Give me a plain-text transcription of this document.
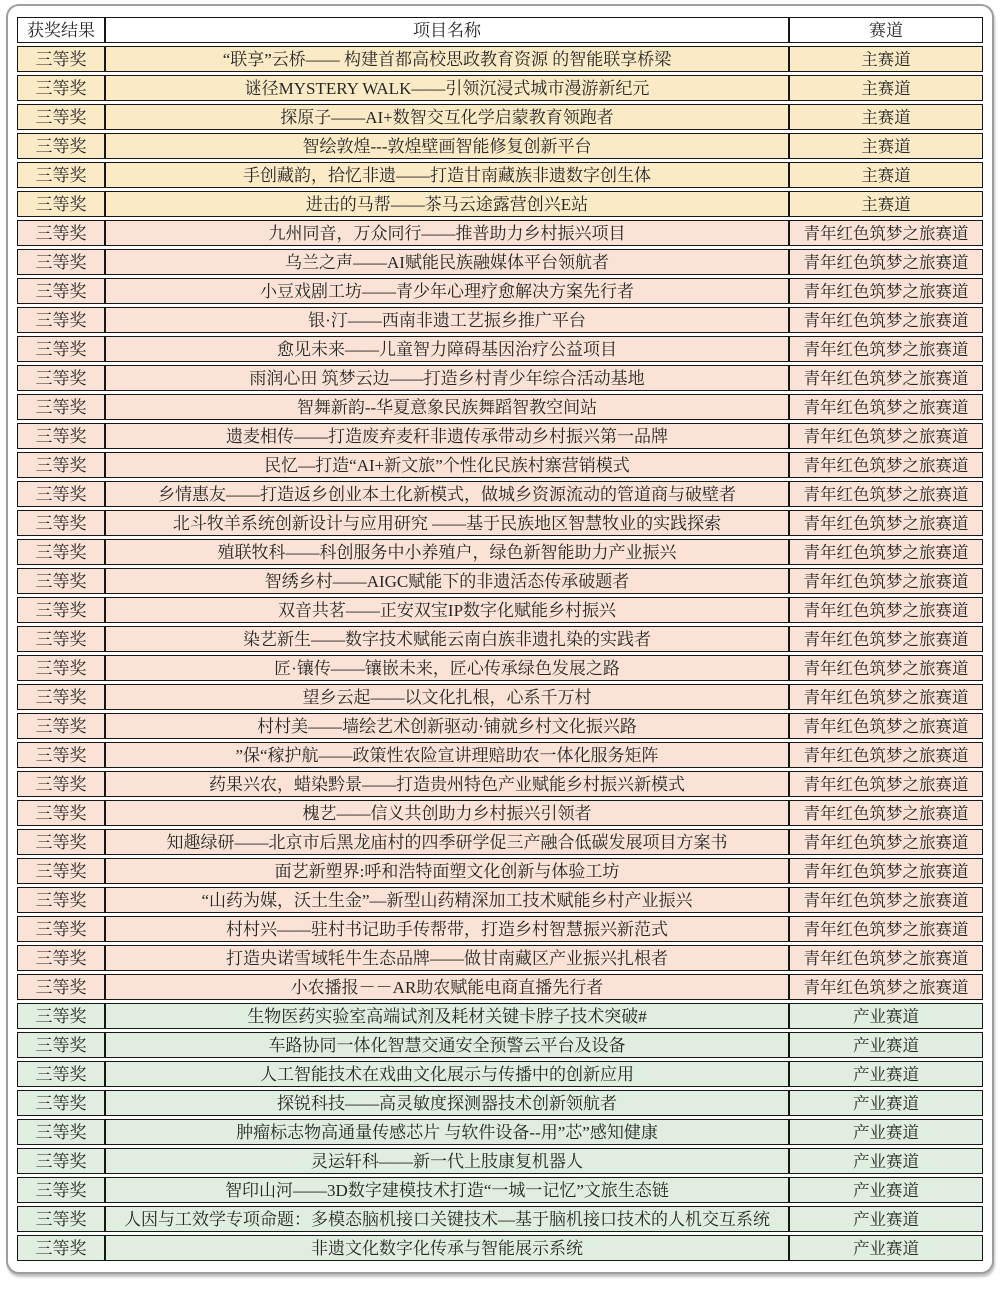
获奖结果	项目名称	赛道
三等奖	“联享”云桥—— 构建首都高校思政教育资源 的智能联享桥梁	主赛道
三等奖	谜径MYSTERY WALK——引领沉浸式城市漫游新纪元	主赛道
三等奖	探原子——AI+数智交互化学启蒙教育领跑者	主赛道
三等奖	智绘敦煌---敦煌壁画智能修复创新平台	主赛道
三等奖	手创藏韵，拾忆非遗——打造甘南藏族非遗数字创生体	主赛道
三等奖	进击的马帮——茶马云途露营创兴E站	主赛道
三等奖	九州同音，万众同行——推普助力乡村振兴项目	青年红色筑梦之旅赛道
三等奖	乌兰之声——AI赋能民族融媒体平台领航者	青年红色筑梦之旅赛道
三等奖	小豆戏剧工坊——青少年心理疗愈解决方案先行者	青年红色筑梦之旅赛道
三等奖	银·汀——西南非遗工艺振乡推广平台	青年红色筑梦之旅赛道
三等奖	愈见未来——儿童智力障碍基因治疗公益项目	青年红色筑梦之旅赛道
三等奖	雨润心田 筑梦云边——打造乡村青少年综合活动基地	青年红色筑梦之旅赛道
三等奖	智舞新韵--华夏意象民族舞蹈智教空间站	青年红色筑梦之旅赛道
三等奖	遗麦相传——打造废弃麦秆非遗传承带动乡村振兴第一品牌	青年红色筑梦之旅赛道
三等奖	民忆—打造“AI+新文旅”个性化民族村寨营销模式	青年红色筑梦之旅赛道
三等奖	乡情惠友——打造返乡创业本土化新模式，做城乡资源流动的管道商与破壁者	青年红色筑梦之旅赛道
三等奖	北斗牧羊系统创新设计与应用研究 ——基于民族地区智慧牧业的实践探索	青年红色筑梦之旅赛道
三等奖	殖联牧科——科创服务中小养殖户，绿色新智能助力产业振兴	青年红色筑梦之旅赛道
三等奖	智绣乡村——AIGC赋能下的非遗活态传承破题者	青年红色筑梦之旅赛道
三等奖	双音共茗——正安双宝IP数字化赋能乡村振兴	青年红色筑梦之旅赛道
三等奖	染艺新生——数字技术赋能云南白族非遗扎染的实践者	青年红色筑梦之旅赛道
三等奖	匠·镶传——镶嵌未来，匠心传承绿色发展之路	青年红色筑梦之旅赛道
三等奖	望乡云起——以文化扎根，心系千万村	青年红色筑梦之旅赛道
三等奖	村村美——墙绘艺术创新驱动·铺就乡村文化振兴路	青年红色筑梦之旅赛道
三等奖	”保“稼护航——政策性农险宣讲理赔助农一体化服务矩阵	青年红色筑梦之旅赛道
三等奖	药果兴农，蜡染黔景——打造贵州特色产业赋能乡村振兴新模式	青年红色筑梦之旅赛道
三等奖	槐艺——信义共创助力乡村振兴引领者	青年红色筑梦之旅赛道
三等奖	知趣绿研——北京市后黑龙庙村的四季研学促三产融合低碳发展项目方案书	青年红色筑梦之旅赛道
三等奖	面艺新塑界:呼和浩特面塑文化创新与体验工坊	青年红色筑梦之旅赛道
三等奖	“山药为媒，沃土生金”—新型山药精深加工技术赋能乡村产业振兴	青年红色筑梦之旅赛道
三等奖	村村兴——驻村书记助手传帮带，打造乡村智慧振兴新范式	青年红色筑梦之旅赛道
三等奖	打造央诺雪域牦牛生态品牌——做甘南藏区产业振兴扎根者	青年红色筑梦之旅赛道
三等奖	小农播报－－AR助农赋能电商直播先行者	青年红色筑梦之旅赛道
三等奖	生物医药实验室高端试剂及耗材关键卡脖子技术突破#	产业赛道
三等奖	车路协同一体化智慧交通安全预警云平台及设备	产业赛道
三等奖	人工智能技术在戏曲文化展示与传播中的创新应用	产业赛道
三等奖	探锐科技——高灵敏度探测器技术创新领航者	产业赛道
三等奖	肿瘤标志物高通量传感芯片 与软件设备--用”芯”感知健康	产业赛道
三等奖	灵运轩科——新一代上肢康复机器人	产业赛道
三等奖	智印山河——3D数字建模技术打造“一城一记忆”文旅生态链	产业赛道
三等奖	人因与工效学专项命题：多模态脑机接口关键技术—基于脑机接口技术的人机交互系统	产业赛道
三等奖	非遗文化数字化传承与智能展示系统	产业赛道
